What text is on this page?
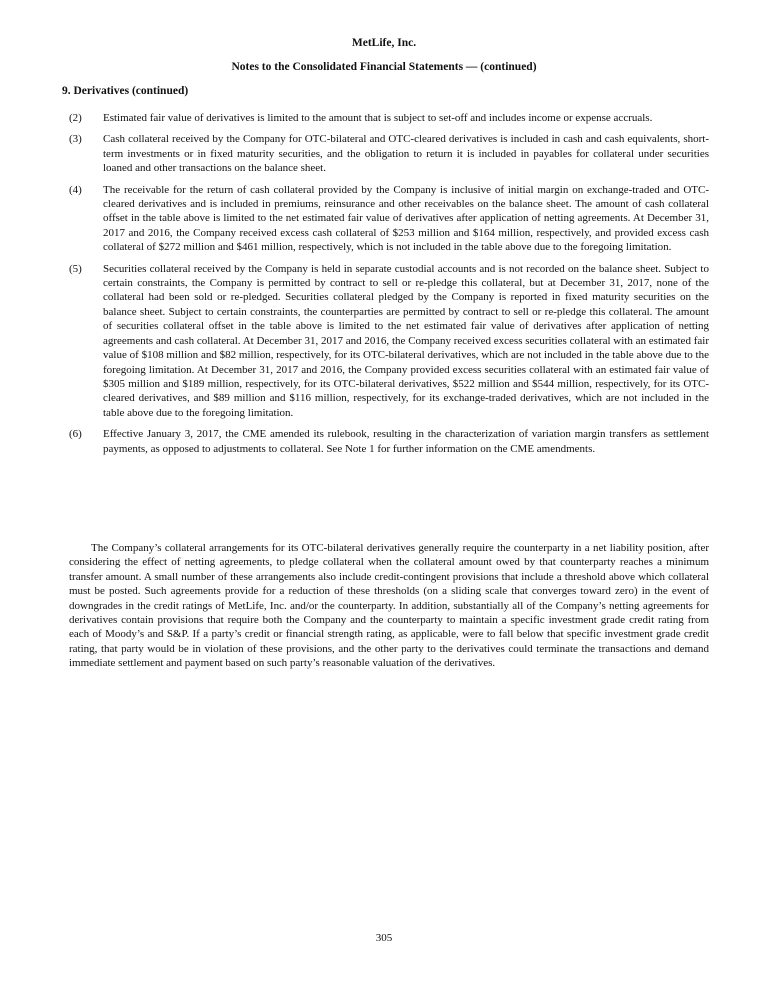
MetLife, Inc.
Notes to the Consolidated Financial Statements — (continued)
9. Derivatives (continued)
(2)	Estimated fair value of derivatives is limited to the amount that is subject to set-off and includes income or expense accruals.
(3)	Cash collateral received by the Company for OTC-bilateral and OTC-cleared derivatives is included in cash and cash equivalents, short-term investments or in fixed maturity securities, and the obligation to return it is included in payables for collateral under securities loaned and other transactions on the balance sheet.
(4)	The receivable for the return of cash collateral provided by the Company is inclusive of initial margin on exchange-traded and OTC-cleared derivatives and is included in premiums, reinsurance and other receivables on the balance sheet. The amount of cash collateral offset in the table above is limited to the net estimated fair value of derivatives after application of netting agreements. At December 31, 2017 and 2016, the Company received excess cash collateral of $253 million and $164 million, respectively, and provided excess cash collateral of $272 million and $461 million, respectively, which is not included in the table above due to the foregoing limitation.
(5)	Securities collateral received by the Company is held in separate custodial accounts and is not recorded on the balance sheet. Subject to certain constraints, the Company is permitted by contract to sell or re-pledge this collateral, but at December 31, 2017, none of the collateral had been sold or re-pledged. Securities collateral pledged by the Company is reported in fixed maturity securities on the balance sheet. Subject to certain constraints, the counterparties are permitted by contract to sell or re-pledge this collateral. The amount of securities collateral offset in the table above is limited to the net estimated fair value of derivatives after application of netting agreements and cash collateral. At December 31, 2017 and 2016, the Company received excess securities collateral with an estimated fair value of $108 million and $82 million, respectively, for its OTC-bilateral derivatives, which are not included in the table above due to the foregoing limitation. At December 31, 2017 and 2016, the Company provided excess securities collateral with an estimated fair value of $305 million and $189 million, respectively, for its OTC-bilateral derivatives, $522 million and $544 million, respectively, for its OTC-cleared derivatives, and $89 million and $116 million, respectively, for its exchange-traded derivatives, which are not included in the table above due to the foregoing limitation.
(6)	Effective January 3, 2017, the CME amended its rulebook, resulting in the characterization of variation margin transfers as settlement payments, as opposed to adjustments to collateral. See Note 1 for further information on the CME amendments.
The Company’s collateral arrangements for its OTC-bilateral derivatives generally require the counterparty in a net liability position, after considering the effect of netting agreements, to pledge collateral when the collateral amount owed by that counterparty reaches a minimum transfer amount. A small number of these arrangements also include credit-contingent provisions that include a threshold above which collateral must be posted. Such agreements provide for a reduction of these thresholds (on a sliding scale that converges toward zero) in the event of downgrades in the credit ratings of MetLife, Inc. and/or the counterparty. In addition, substantially all of the Company’s netting agreements for derivatives contain provisions that require both the Company and the counterparty to maintain a specific investment grade credit rating from each of Moody’s and S&P. If a party’s credit or financial strength rating, as applicable, were to fall below that specific investment grade credit rating, that party would be in violation of these provisions, and the other party to the derivatives could terminate the transactions and demand immediate settlement and payment based on such party’s reasonable valuation of the derivatives.
305
